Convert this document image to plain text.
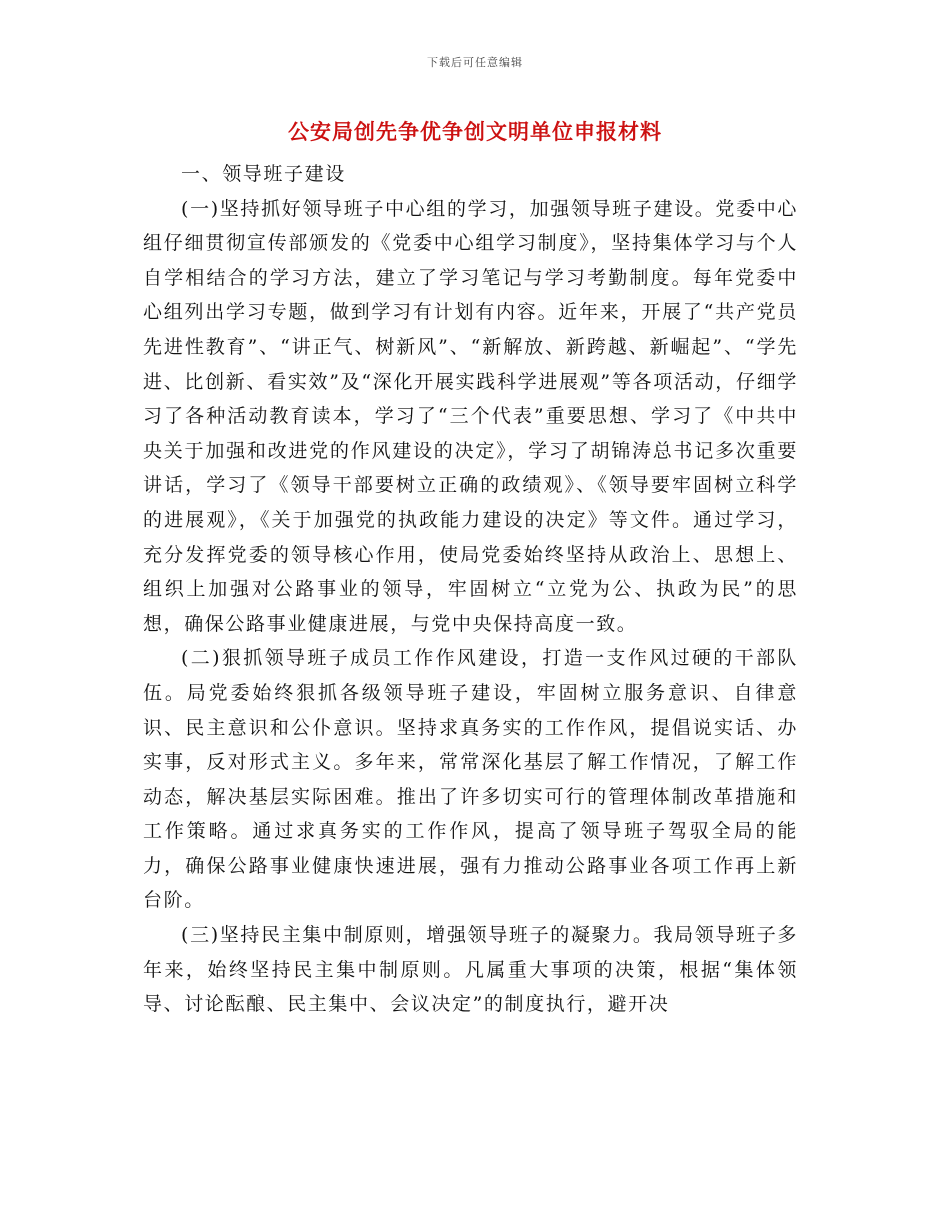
下载后可任意编辑
公安局创先争优争创文明单位申报材料

一、领导班子建设

(一)坚持抓好领导班子中心组的学习，加强领导班子建设。党委中心组仔细贯彻宣传部颁发的《党委中心组学习制度》，坚持集体学习与个人自学相结合的学习方法，建立了学习笔记与学习考勤制度。每年党委中心组列出学习专题，做到学习有计划有内容。近年来，开展了“共产党员先进性教育”、“讲正气、树新风”、“新解放、新跨越、新崛起”、“学先进、比创新、看实效”及“深化开展实践科学进展观”等各项活动，仔细学习了各种活动教育读本，学习了“三个代表”重要思想、学习了《中共中央关于加强和改进党的作风建设的决定》，学习了胡锦涛总书记多次重要讲话，学习了《领导干部要树立正确的政绩观》、《领导要牢固树立科学的进展观》，《关于加强党的执政能力建设的决定》等文件。通过学习，充分发挥党委的领导核心作用，使局党委始终坚持从政治上、思想上、组织上加强对公路事业的领导，牢固树立“立党为公、执政为民”的思想，确保公路事业健康进展，与党中央保持高度一致。

(二)狠抓领导班子成员工作作风建设，打造一支作风过硬的干部队伍。局党委始终狠抓各级领导班子建设，牢固树立服务意识、自律意识、民主意识和公仆意识。坚持求真务实的工作作风，提倡说实话、办实事，反对形式主义。多年来，常常深化基层了解工作情况，了解工作动态，解决基层实际困难。推出了许多切实可行的管理体制改革措施和工作策略。通过求真务实的工作作风，提高了领导班子驾驭全局的能力，确保公路事业健康快速进展，强有力推动公路事业各项工作再上新台阶。

(三)坚持民主集中制原则，增强领导班子的凝聚力。我局领导班子多年来，始终坚持民主集中制原则。凡属重大事项的决策，根据“集体领导、讨论酝酿、民主集中、会议决定”的制度执行，避开决
